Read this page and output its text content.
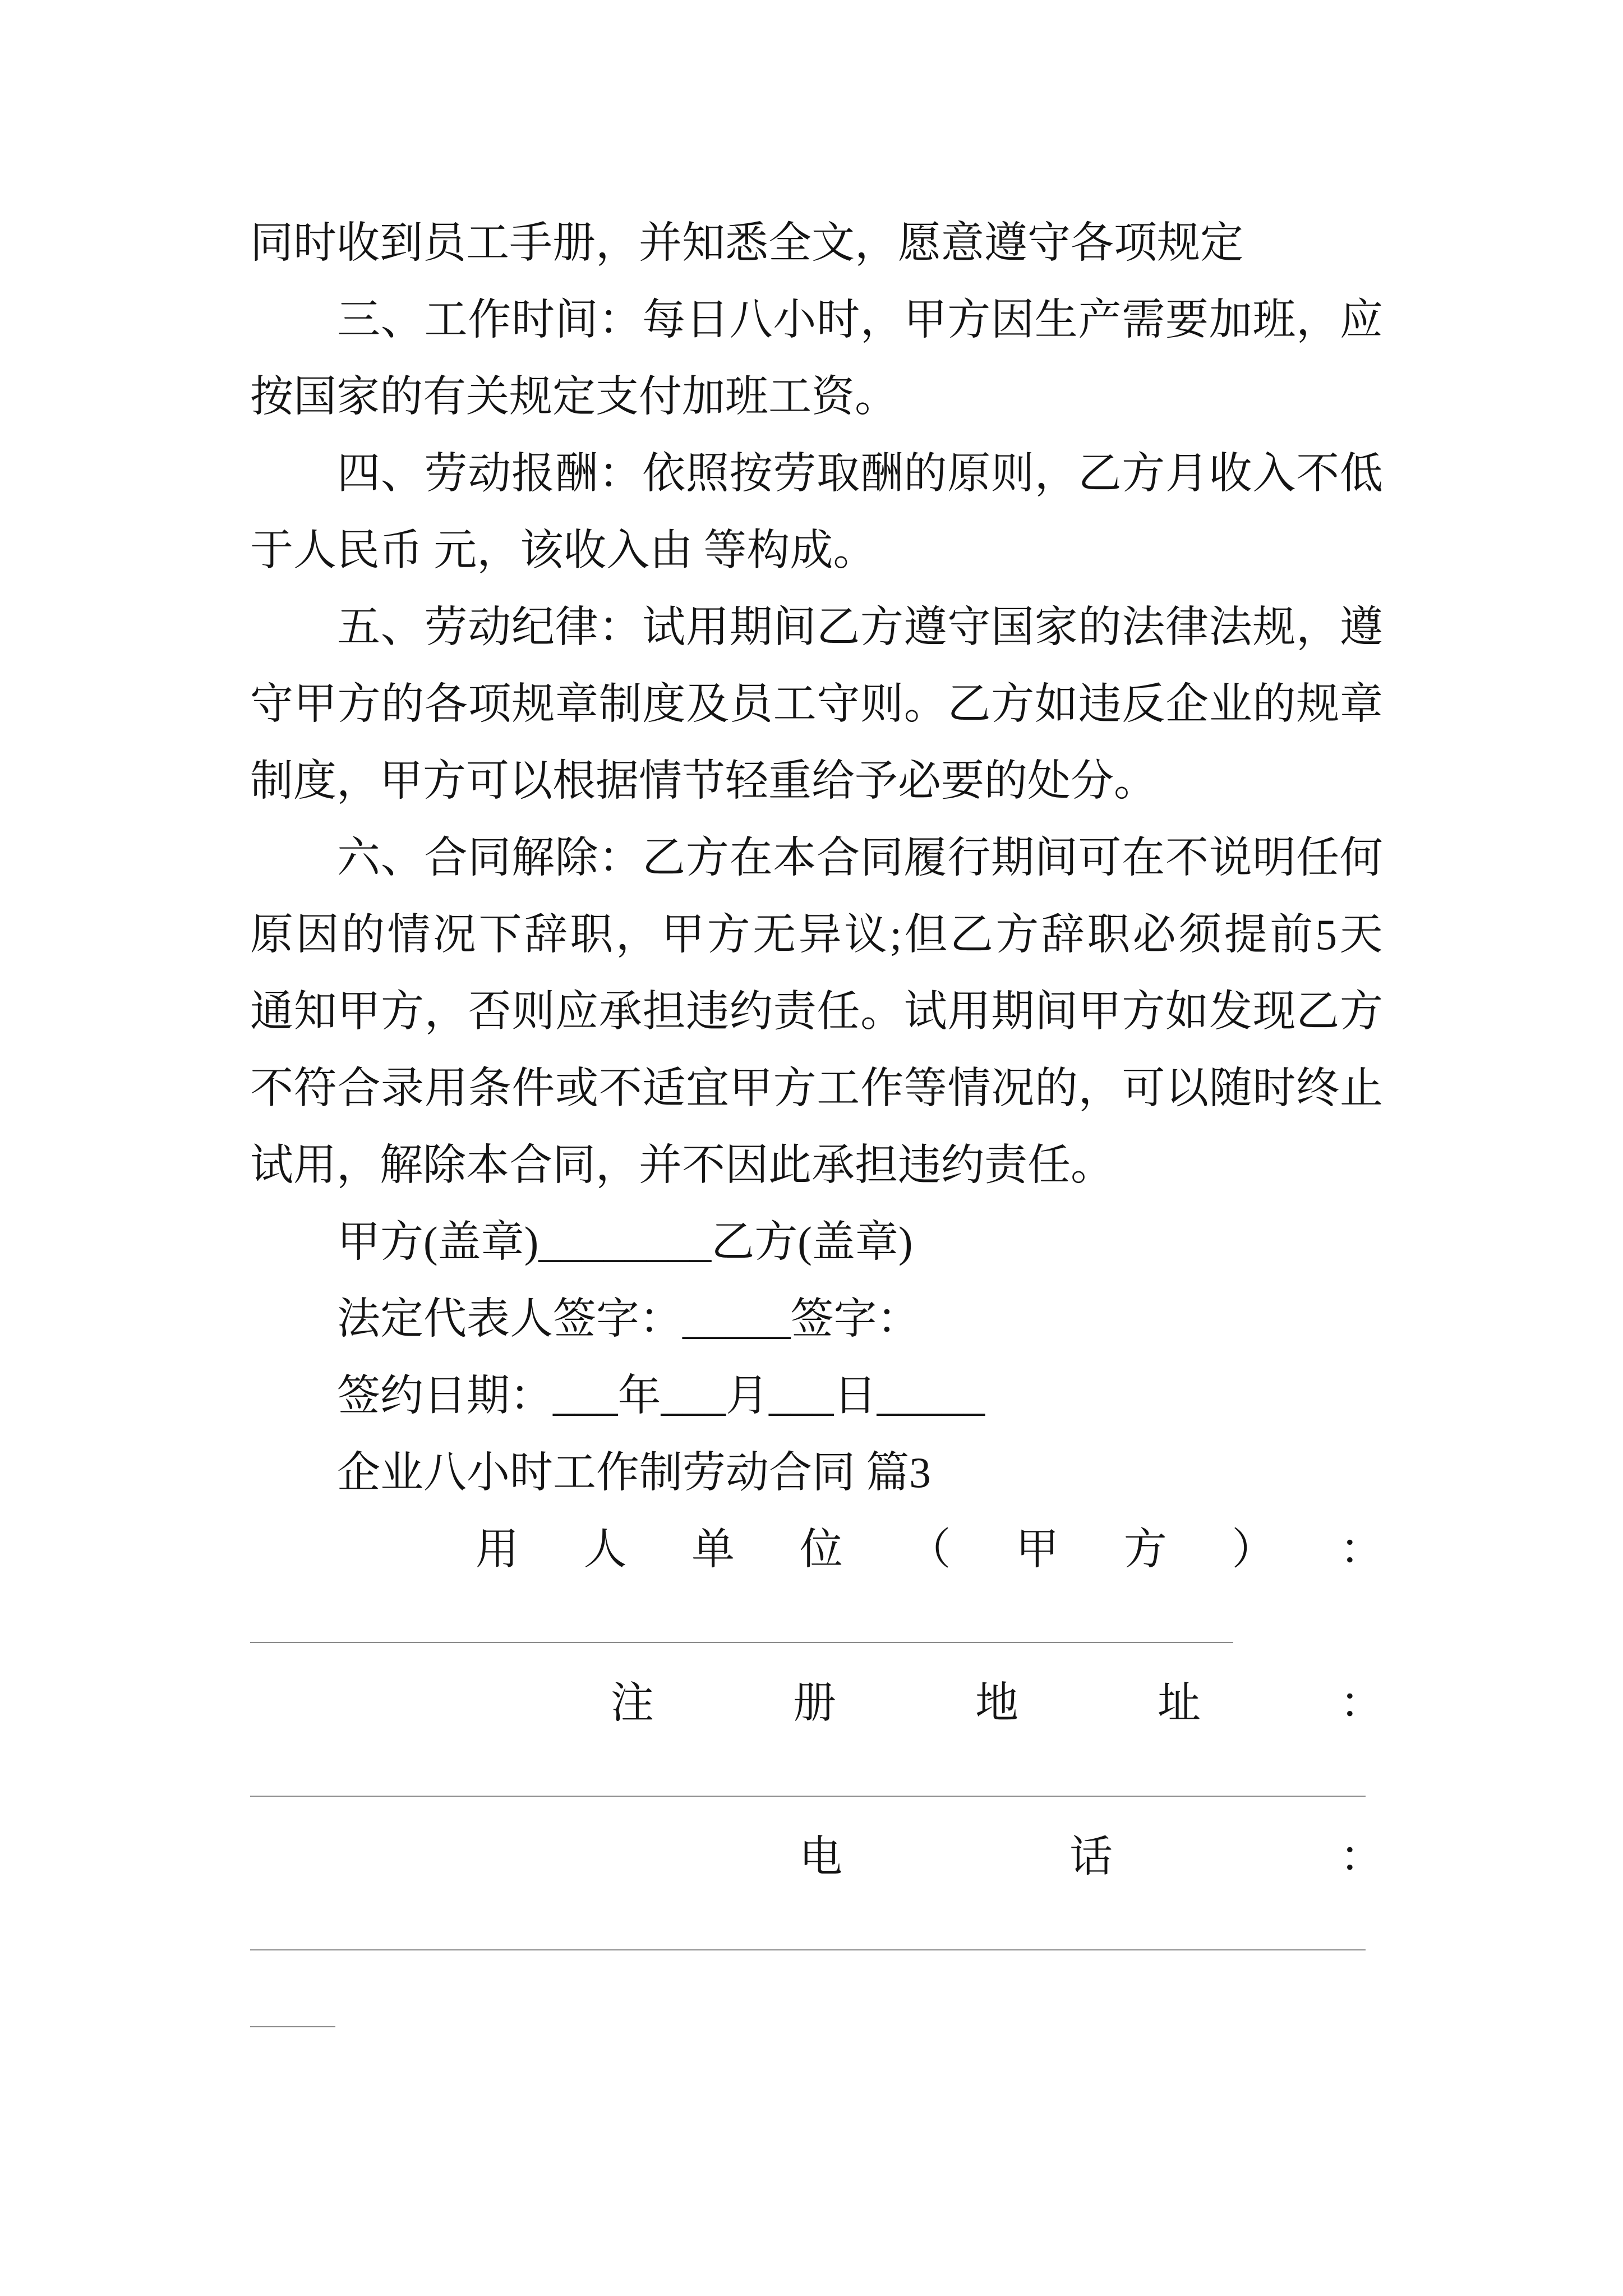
同时收到员工手册，并知悉全文，愿意遵守各项规定
三 、 工 作 时 间 ： 每 日 八 小 时 ， 甲 方 因 生 产 需 要 加 班 ， 应
按国家的有关规定支付加班工资。
四 、 劳 动 报 酬 ： 依 照 按 劳 取 酬 的 原 则 ， 乙 方 月 收 入 不 低
于人民币 元，该收入由 等构成。
五 、 劳 动 纪 律 ： 试 用 期 间 乙 方 遵 守 国 家 的 法 律 法 规 ， 遵
守 甲 方 的 各 项 规 章 制 度 及 员 工 守 则 。 乙 方 如 违 反 企 业 的 规 章
制度，甲方可以根据情节轻重给予必要的处分。
六 、 合 同 解 除 ： 乙 方 在 本 合 同 履 行 期 间 可 在 不 说 明 任 何
原 因 的 情 况 下 辞 职 ， 甲 方 无 异 议 ; 但 乙 方 辞 职 必 须 提 前 5 天
通 知 甲 方 ， 否 则 应 承 担 违 约 责 任 。 试 用 期 间 甲 方 如 发 现 乙 方
不 符 合 录 用 条 件 或 不 适 宜 甲 方 工 作 等 情 况 的 ， 可 以 随 时 终 止
试用，解除本合同，并不因此承担违约责任。
甲方(盖章)________乙方(盖章)
法定代表人签字：_____签字：
签约日期：___年___月___日_____
企业八小时工作制劳动合同 篇3
用 人 单 位 （ 甲 方 ） ：

注	册	地	址	：

电	话	：
